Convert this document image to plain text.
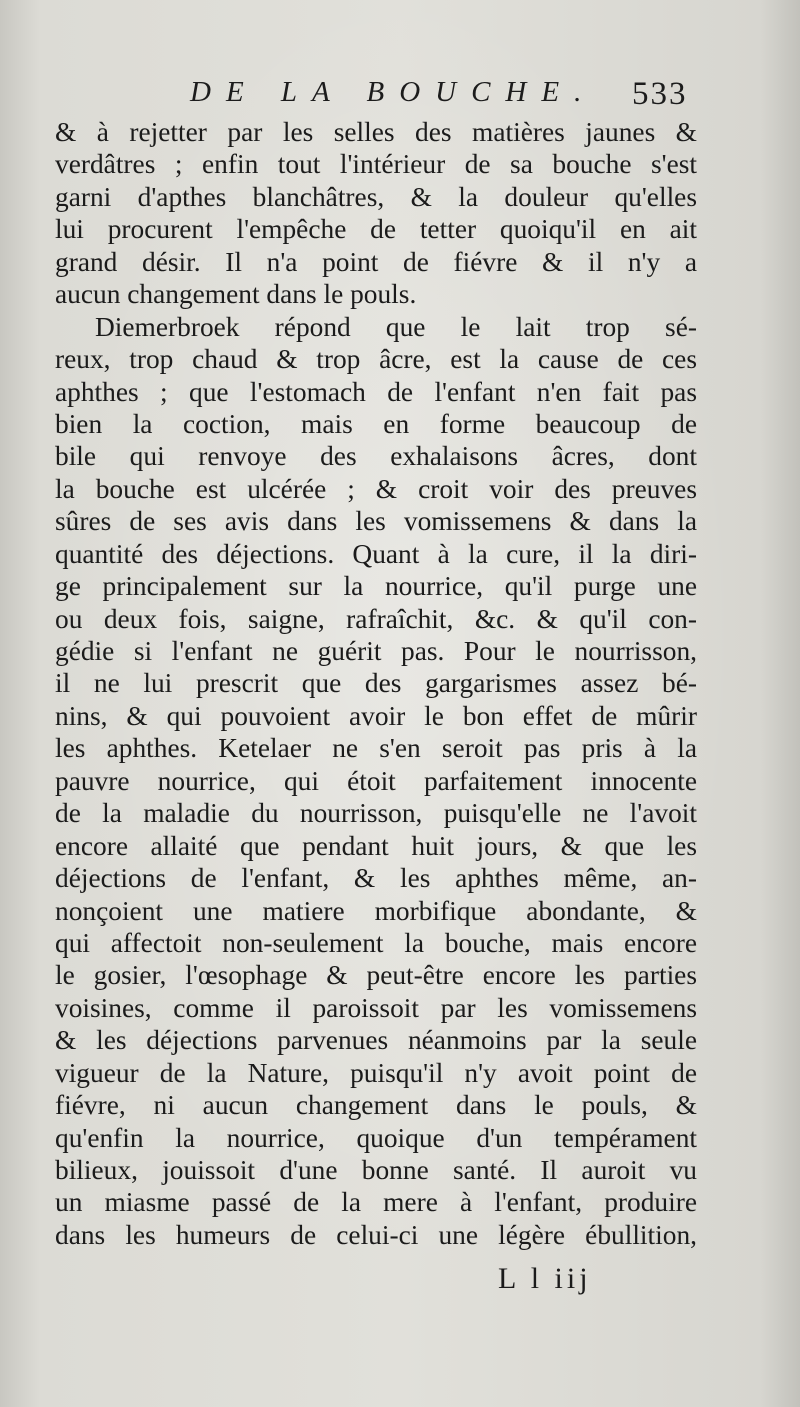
DE LA BOUCHE. 533
& à rejetter par les selles des matières jaunes &
verdâtres ; enfin tout l'intérieur de sa bouche s'est
garni d'apthes blanchâtres, & la douleur qu'elles
lui procurent l'empêche de tetter quoiqu'il en ait
grand désir. Il n'a point de fiévre & il n'y a
aucun changement dans le pouls.
Diemerbroek répond que le lait trop sé-
reux, trop chaud & trop âcre, est la cause de ces
aphthes ; que l'estomach de l'enfant n'en fait pas
bien la coction, mais en forme beaucoup de
bile qui renvoye des exhalaisons âcres, dont
la bouche est ulcérée ; & croit voir des preuves
sûres de ses avis dans les vomissemens & dans la
quantité des déjections. Quant à la cure, il la diri-
ge principalement sur la nourrice, qu'il purge une
ou deux fois, saigne, rafraîchit, &c. & qu'il con-
gédie si l'enfant ne guérit pas. Pour le nourrisson,
il ne lui prescrit que des gargarismes assez bé-
nins, & qui pouvoient avoir le bon effet de mûrir
les aphthes. Ketelaer ne s'en seroit pas pris à la
pauvre nourrice, qui étoit parfaitement innocente
de la maladie du nourrisson, puisqu'elle ne l'avoit
encore allaité que pendant huit jours, & que les
déjections de l'enfant, & les aphthes même, an-
nonçoient une matiere morbifique abondante, &
qui affectoit non-seulement la bouche, mais encore
le gosier, l'œsophage & peut-être encore les parties
voisines, comme il paroissoit par les vomissemens
& les déjections parvenues néanmoins par la seule
vigueur de la Nature, puisqu'il n'y avoit point de
fiévre, ni aucun changement dans le pouls, &
qu'enfin la nourrice, quoique d'un tempérament
bilieux, jouissoit d'une bonne santé. Il auroit vu
un miasme passé de la mere à l'enfant, produire
dans les humeurs de celui-ci une légère ébullition,
L l iij
